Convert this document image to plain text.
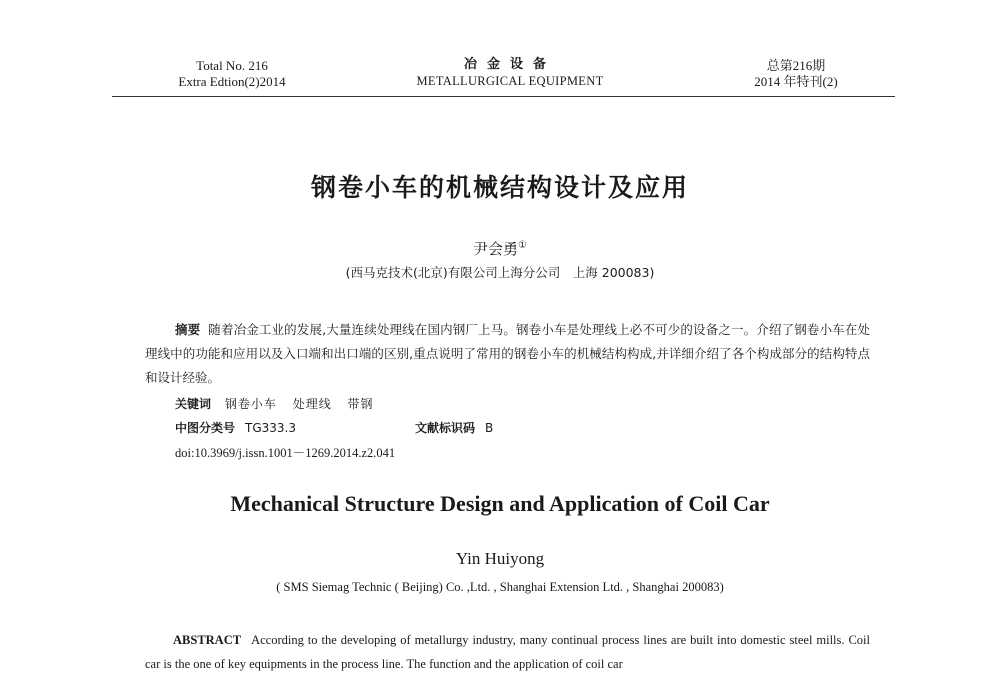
Total No. 216
Extra Edtion(2)2014
冶金设备
METALLURGICAL EQUIPMENT
总第216期
2014 年特刊(2)
钢卷小车的机械结构设计及应用
尹会勇①
(西马克技术(北京)有限公司上海分公司　上海 200083)
摘要 随着冶金工业的发展,大量连续处理线在国内钢厂上马。钢卷小车是处理线上必不可少的设备之一。介绍了钢卷小车在处理线中的功能和应用以及入口端和出口端的区别,重点说明了常用的钢卷小车的机械结构构成,并详细介绍了各个构成部分的结构特点和设计经验。
关键词 钢卷小车 处理线 带钢
中图分类号 TG333.3	文献标识码 B
doi:10.3969/j.issn.1001－1269.2014.z2.041
Mechanical Structure Design and Application of Coil Car
Yin Huiyong
( SMS Siemag Technic ( Beijing) Co. ,Ltd. , Shanghai Extension Ltd. , Shanghai 200083)
ABSTRACT According to the developing of metallurgy industry, many continual process lines are built into domestic steel mills. Coil car is the one of key equipments in the process line. The function and the application of coil car
